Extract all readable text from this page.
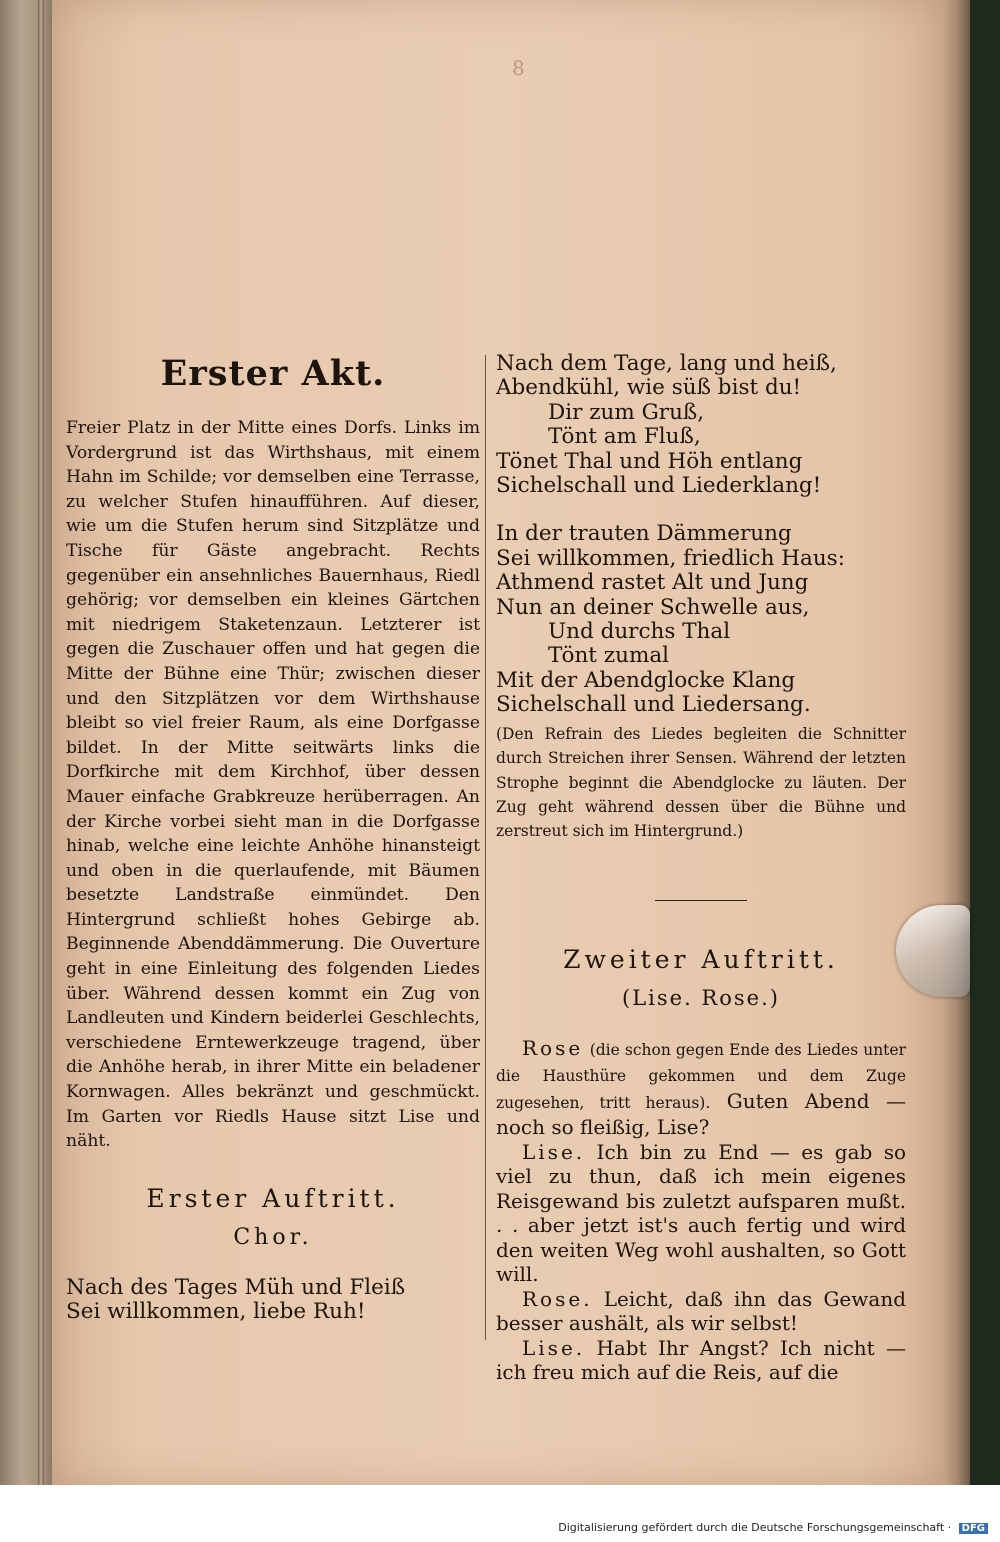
8
Erster Akt.

Freier Platz in der Mitte eines Dorfs. Links im Vordergrund ist das Wirthshaus, mit einem Hahn im Schilde; vor demselben eine Terrasse, zu welcher Stufen hinaufführen. Auf dieser, wie um die Stufen herum sind Sitzplätze und Tische für Gäste angebracht. Rechts gegenüber ein ansehnliches Bauernhaus, Riedl gehörig; vor demselben ein kleines Gärtchen mit niedrigem Staketenzaun. Letzterer ist gegen die Zuschauer offen und hat gegen die Mitte der Bühne eine Thür; zwischen dieser und den Sitzplätzen vor dem Wirthshause bleibt so viel freier Raum, als eine Dorfgasse bildet. In der Mitte seitwärts links die Dorfkirche mit dem Kirchhof, über dessen Mauer einfache Grabkreuze herüberragen. An der Kirche vorbei sieht man in die Dorfgasse hinab, welche eine leichte Anhöhe hinansteigt und oben in die querlaufende, mit Bäumen besetzte Landstraße einmündet. Den Hintergrund schließt hohes Gebirge ab. Beginnende Abenddämmerung. Die Ouverture geht in eine Einleitung des folgenden Liedes über. Während dessen kommt ein Zug von Landleuten und Kindern beiderlei Geschlechts, verschiedene Erntewerkzeuge tragend, über die Anhöhe herab, in ihrer Mitte ein beladener Kornwagen. Alles bekränzt und geschmückt. Im Garten vor Riedls Hause sitzt Lise und näht.

Erster Auftritt.
Chor.

Nach des Tages Müh und Fleiß

Sei willkommen, liebe Ruh!

Nach dem Tage, lang und heiß,

Abendkühl, wie süß bist du!

Dir zum Gruß,

Tönt am Fluß,

Tönet Thal und Höh entlang

Sichelschall und Liederklang!

In der trauten Dämmerung

Sei willkommen, friedlich Haus:

Athmend rastet Alt und Jung

Nun an deiner Schwelle aus,

Und durchs Thal

Tönt zumal

Mit der Abendglocke Klang

Sichelschall und Liedersang.

(Den Refrain des Liedes begleiten die Schnitter durch Streichen ihrer Sensen. Während der letzten Strophe beginnt die Abendglocke zu läuten. Der Zug geht während dessen über die Bühne und zerstreut sich im Hintergrund.)

Zweiter Auftritt.
(Lise. Rose.)

Rose (die schon gegen Ende des Liedes unter die Hausthüre gekommen und dem Zuge zugesehen, tritt heraus). Guten Abend — noch so fleißig, Lise?

Lise. Ich bin zu End — es gab so viel zu thun, daß ich mein eigenes Reisgewand bis zuletzt aufsparen mußt. . . aber jetzt ist's auch fertig und wird den weiten Weg wohl aushalten, so Gott will.

Rose. Leicht, daß ihn das Gewand besser aushält, als wir selbst!

Lise. Habt Ihr Angst? Ich nicht — ich freu mich auf die Reis, auf die

Digitalisierung gefördert durch die Deutsche Forschungsgemeinschaft · DFG
